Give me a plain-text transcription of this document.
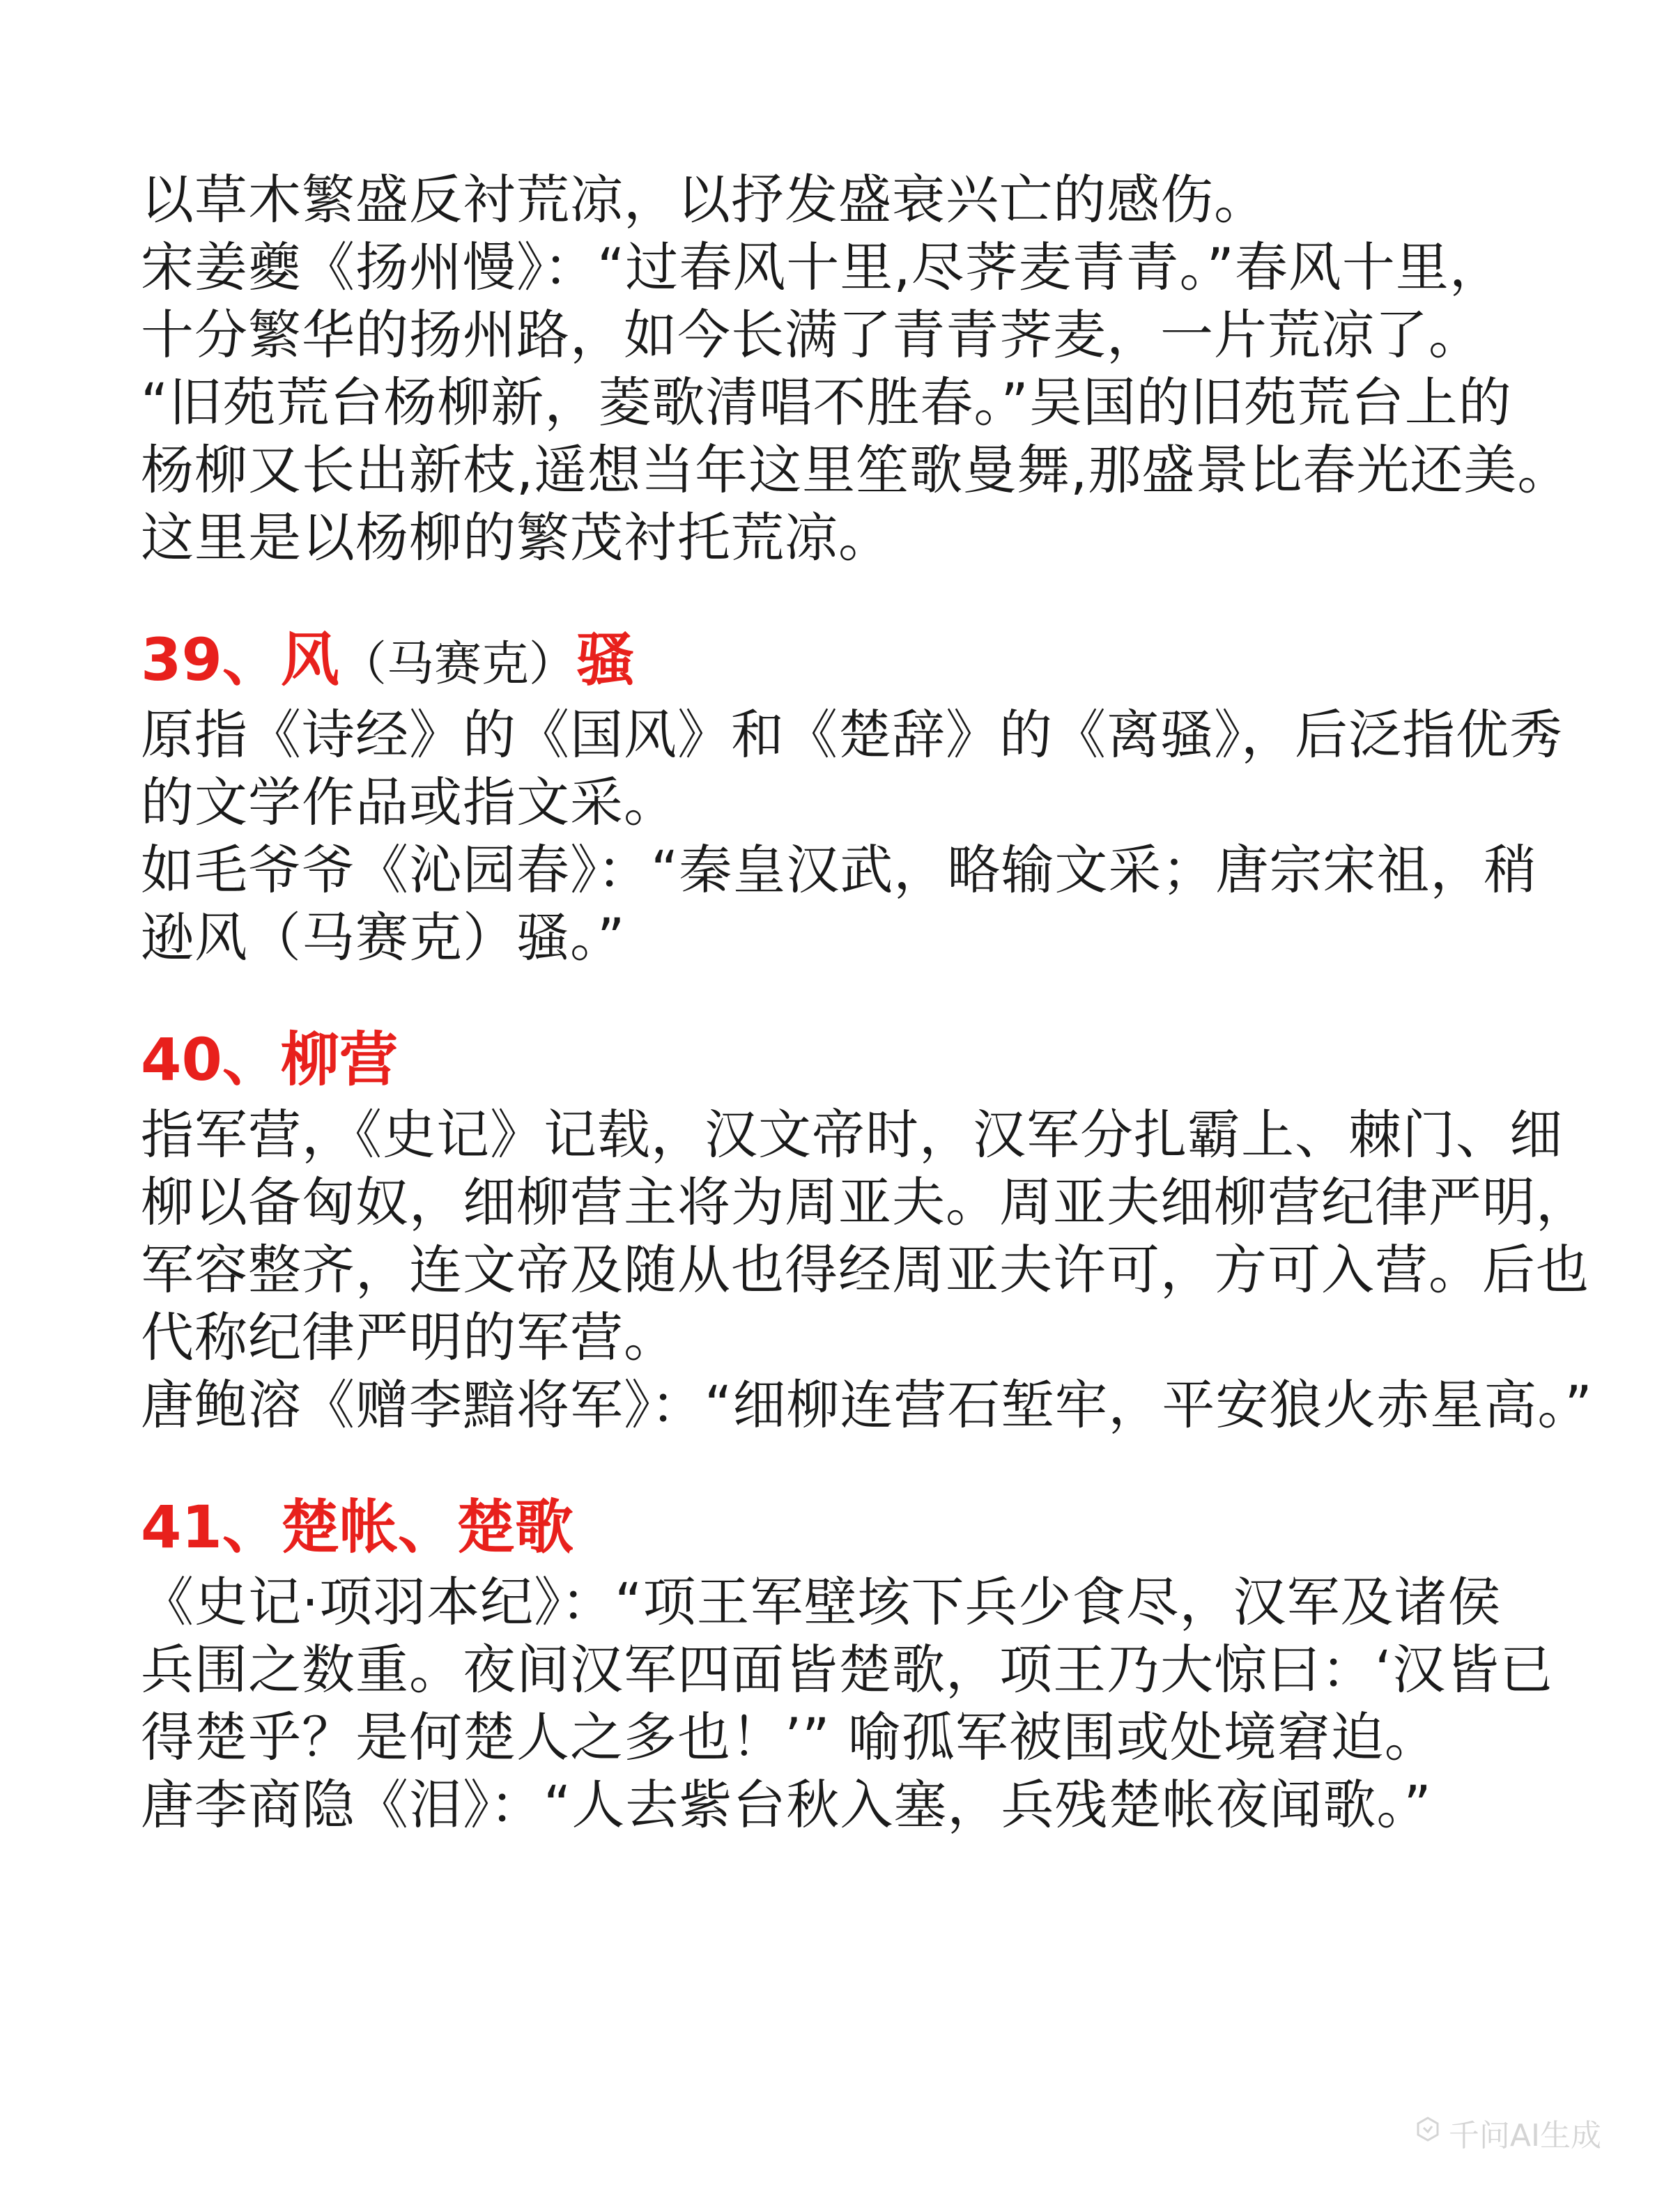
以草木繁盛反衬荒凉，以抒发盛衰兴亡的感伤。
宋姜夔《扬州慢》：“过春风十里,尽荠麦青青。”春风十里，
十分繁华的扬州路，如今长满了青青荠麦，一片荒凉了。
“旧苑荒台杨柳新，菱歌清唱不胜春。”吴国的旧苑荒台上的
杨柳又长出新枝,遥想当年这里笙歌曼舞,那盛景比春光还美。
这里是以杨柳的繁茂衬托荒凉。
39、风（马赛克）骚
原指《诗经》的《国风》和《楚辞》的《离骚》，后泛指优秀
的文学作品或指文采。
如毛爷爷《沁园春》：“秦皇汉武，略输文采；唐宗宋祖，稍
逊风（马赛克）骚。”
40、柳营
指军营，《史记》记载，汉文帝时，汉军分扎霸上、棘门、细
柳以备匈奴，细柳营主将为周亚夫。周亚夫细柳营纪律严明，
军容整齐，连文帝及随从也得经周亚夫许可，方可入营。后也
代称纪律严明的军营。
唐鲍溶《赠李黯将军》：“细柳连营石堑牢，平安狼火赤星高。”
41、楚帐、楚歌
《史记·项羽本纪》：“项王军壁垓下兵少食尽，汉军及诸侯
兵围之数重。夜间汉军四面皆楚歌，项王乃大惊曰：‘汉皆已
得楚乎？是何楚人之多也！’” 喻孤军被围或处境窘迫。
唐李商隐《泪》：“人去紫台秋入塞，兵残楚帐夜闻歌。”
千问AI生成
